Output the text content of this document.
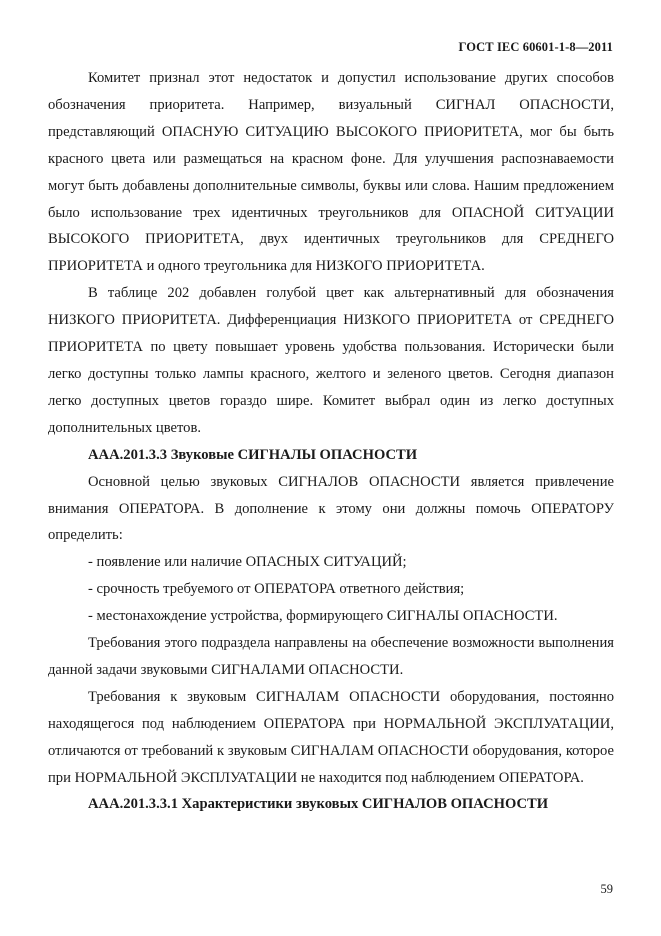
ГОСТ IEC 60601-1-8—2011

Комитет признал этот недостаток и допустил использование других способов обозначения приоритета. Например, визуальный СИГНАЛ ОПАСНОСТИ, представляющий ОПАСНУЮ СИТУАЦИЮ ВЫСОКОГО ПРИОРИТЕТА, мог бы быть красного цвета или размещаться на красном фоне. Для улучшения распознаваемости могут быть добавлены дополнительные символы, буквы или слова. Нашим предложением было использование трех идентичных треугольников для ОПАСНОЙ СИТУАЦИИ ВЫСОКОГО ПРИОРИТЕТА, двух идентичных треугольников для СРЕДНЕГО ПРИОРИТЕТА и одного треугольника для НИЗКОГО ПРИОРИТЕТА.

В таблице 202 добавлен голубой цвет как альтернативный для обозначения НИЗКОГО ПРИОРИТЕТА. Дифференциация НИЗКОГО ПРИОРИТЕТА от СРЕДНЕГО ПРИОРИТЕТА по цвету повышает уровень удобства пользования. Исторически были легко доступны только лампы красного, желтого и зеленого цветов. Сегодня диапазон легко доступных цветов гораздо шире. Комитет выбрал один из легко доступных дополнительных цветов.

ААА.201.3.3 Звуковые СИГНАЛЫ ОПАСНОСТИ

Основной целью звуковых СИГНАЛОВ ОПАСНОСТИ является привлечение внимания ОПЕРАТОРА. В дополнение к этому они должны помочь ОПЕРАТОРУ определить:

- появление или наличие ОПАСНЫХ СИТУАЦИЙ;

- срочность требуемого от ОПЕРАТОРА ответного действия;

- местонахождение устройства, формирующего СИГНАЛЫ ОПАСНОСТИ.

Требования этого подраздела направлены на обеспечение возможности выполнения данной задачи звуковыми СИГНАЛАМИ ОПАСНОСТИ.

Требования к звуковым СИГНАЛАМ ОПАСНОСТИ оборудования, постоянно находящегося под наблюдением ОПЕРАТОРА при НОРМАЛЬНОЙ ЭКСПЛУАТАЦИИ, отличаются от требований к звуковым СИГНАЛАМ ОПАСНОСТИ оборудования, которое при НОРМАЛЬНОЙ ЭКСПЛУАТАЦИИ не находится под наблюдением ОПЕРАТОРА.

ААА.201.3.3.1 Характеристики звуковых СИГНАЛОВ ОПАСНОСТИ

59
